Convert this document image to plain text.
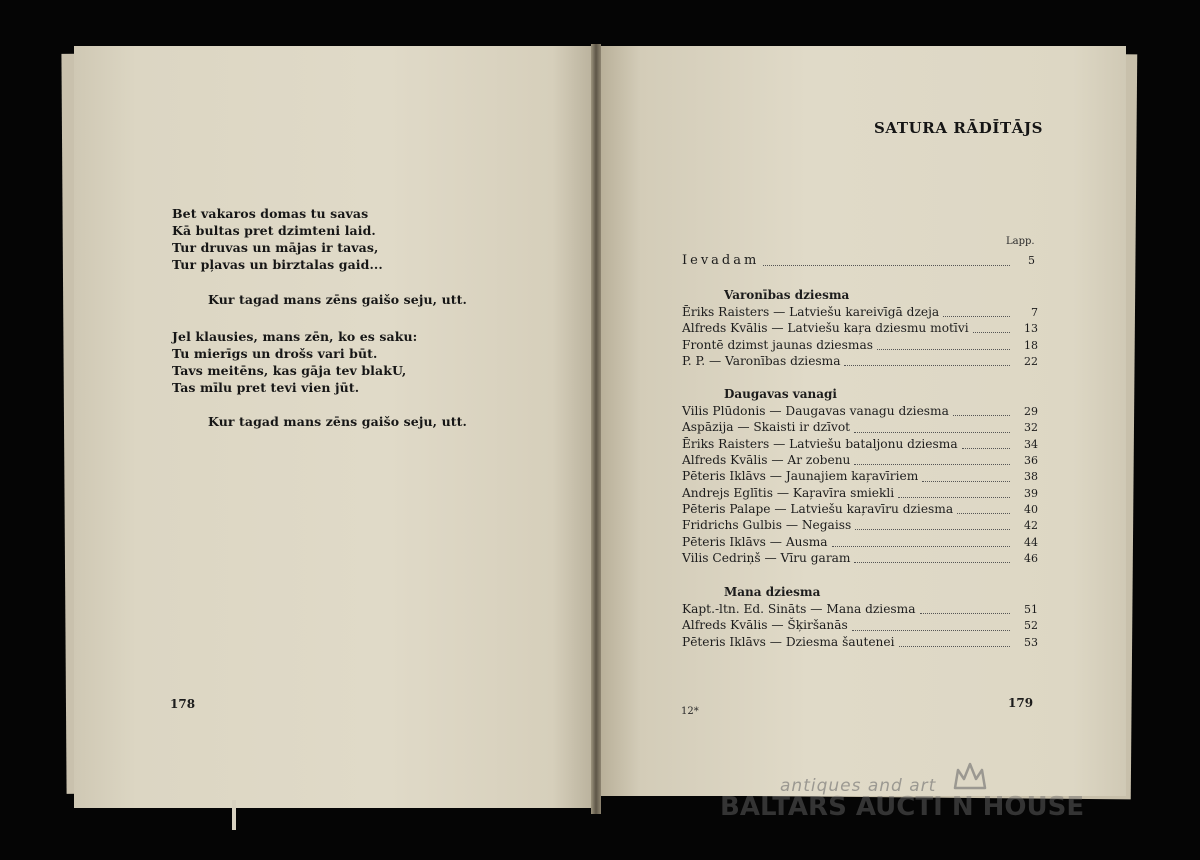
Bet vakaros domas tu savas
Kā bultas pret dzimteni laid.
Tur druvas un mājas ir tavas,
Tur pļavas un birztalas gaid...
Kur tagad mans zēns gaišo seju, utt.
Jel klausies, mans zēn, ko es saku:
Tu mierīgs un drošs vari būt.
Tavs meitēns, kas gāja tev blakU,
Tas mīlu pret tevi vien jūt.
Kur tagad mans zēns gaišo seju, utt.
178
SATURA RĀDĪTĀJS
Lapp.
Ievadam	5
Varonības dziesma
Ēriks Raisters — Latviešu kareivīgā dzeja	7
Alfreds Kvālis — Latviešu kaŗa dziesmu motīvi	13
Frontē dzimst jaunas dziesmas	18
P. P. — Varonības dziesma	22
Daugavas vanagi
Vilis Plūdonis — Daugavas vanagu dziesma	29
Aspāzija — Skaisti ir dzīvot	32
Ēriks Raisters — Latviešu bataljonu dziesma	34
Alfreds Kvālis — Ar zobenu	36
Pēteris Iklāvs — Jaunajiem kaŗavīriem	38
Andrejs Eglītis — Kaŗavīra smiekli	39
Pēteris Palape — Latviešu kaŗavīru dziesma	40
Fridrichs Gulbis — Negaiss	42
Pēteris Iklāvs — Ausma	44
Vilis Cedriņš — Vīru garam	46
Mana dziesma
Kapt.-ltn. Ed. Sināts — Mana dziesma	51
Alfreds Kvālis — Šķiršanās	52
Pēteris Iklāvs — Dziesma šautenei	53
12*
179
antiques and art
BALTARS AUCTI N HOUSE
